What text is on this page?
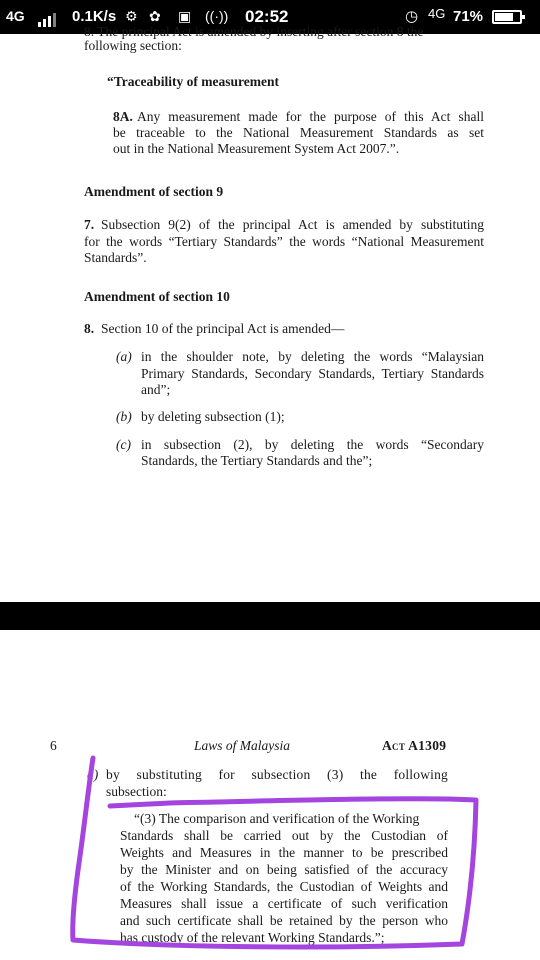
4G	0.1K/s ⚙ ✿ ▣ ((·)) 02:52	◷ 4G 71%
8. The principal Act is amended by inserting after section 8 the
following section:
“Traceability of measurement
8A. Any measurement made for the purpose of this Act shall
be traceable to the National Measurement Standards as set
out in the National Measurement System Act 2007.”.
Amendment of section 9
7. Subsection 9(2) of the principal Act is amended by substituting
for the words “Tertiary Standards” the words “National Measurement
Standards”.
Amendment of section 10
8. Section 10 of the principal Act is amended—
(a) in the shoulder note, by deleting the words “Malaysian
Primary Standards, Secondary Standards, Tertiary Standards
and”;
(b) by deleting subsection (1);
(c) in subsection (2), by deleting the words “Secondary
Standards, the Tertiary Standards and the”;
6	Laws of Malaysia	Act A1309
d) by substituting for subsection (3) the following
subsection:
“(3) The comparison and verification of the Working
Standards shall be carried out by the Custodian of
Weights and Measures in the manner to be prescribed
by the Minister and on being satisfied of the accuracy
of the Working Standards, the Custodian of Weights and
Measures shall issue a certificate of such verification
and such certificate shall be retained by the person who
has custody of the relevant Working Standards.”;
